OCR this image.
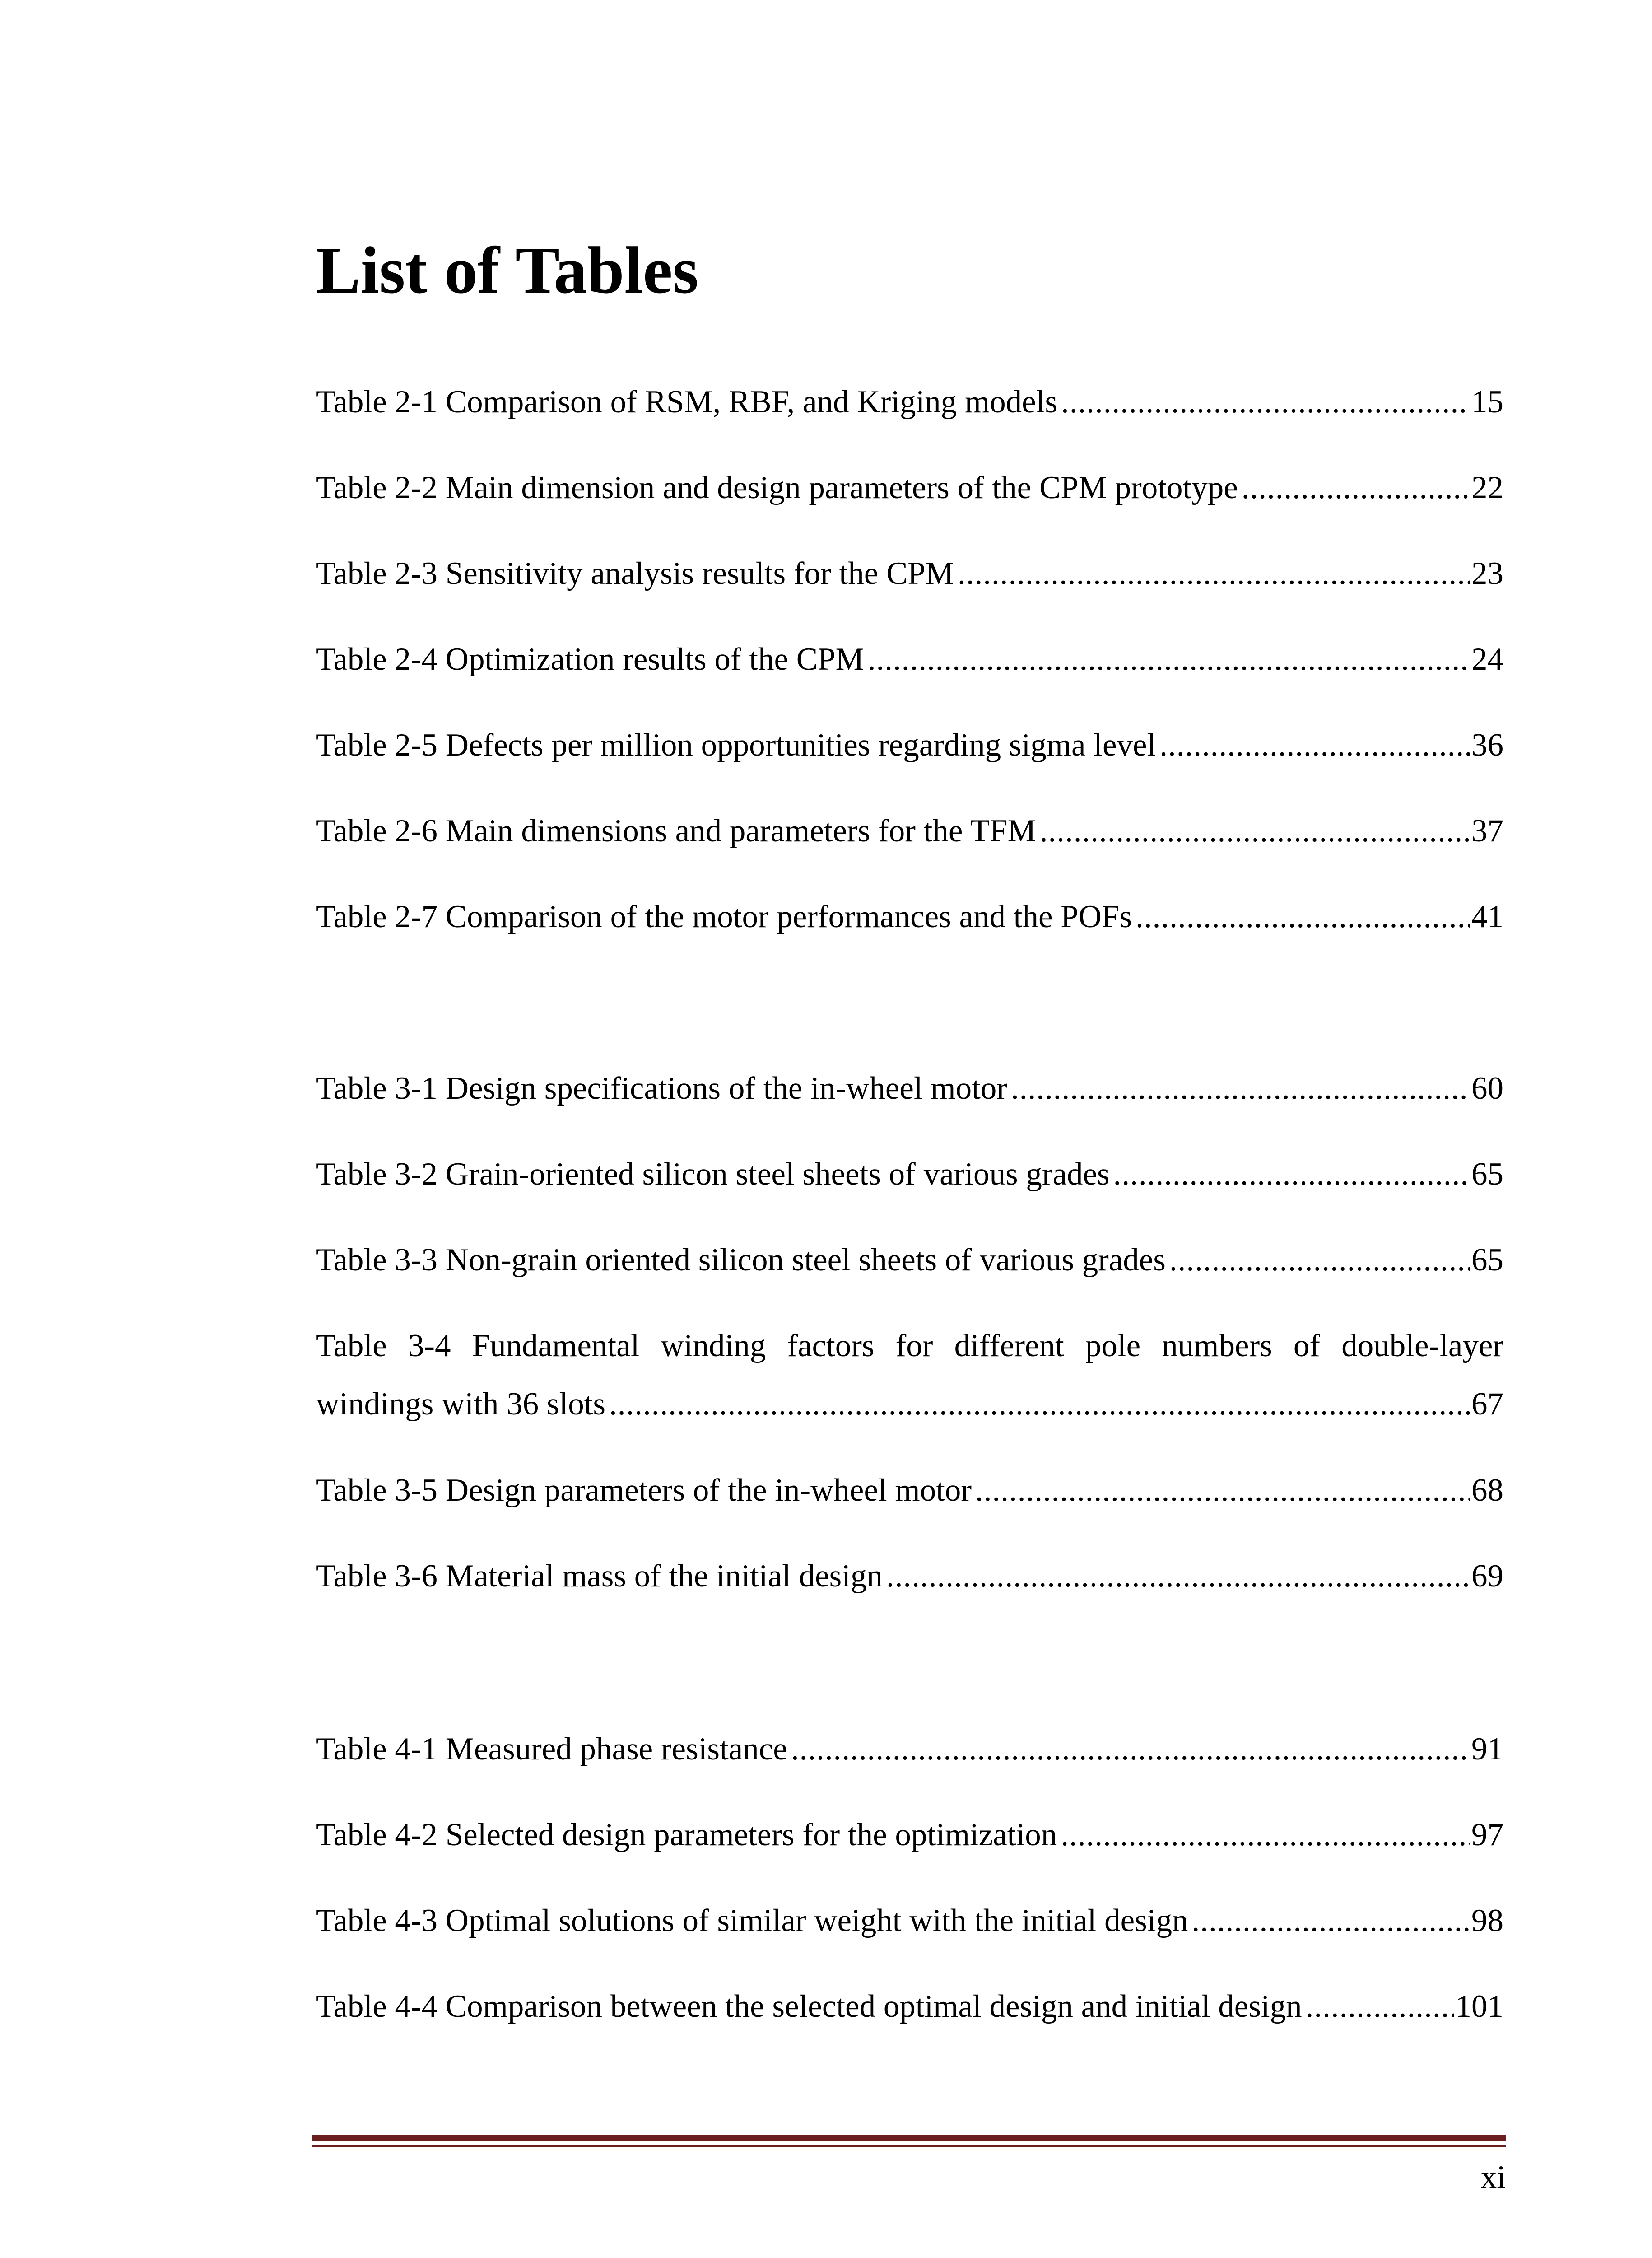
List of Tables
Table 2-1 Comparison of RSM, RBF, and Kriging models .....	15
Table 2-2 Main dimension and design parameters of the CPM prototype .....	22
Table 2-3 Sensitivity analysis results for the CPM .....	23
Table 2-4 Optimization results of the CPM .....	24
Table 2-5 Defects per million opportunities regarding sigma level .....	36
Table 2-6 Main dimensions and parameters for the TFM .....	37
Table 2-7 Comparison of the motor performances and the POFs .....	41
Table 3-1 Design specifications of the in-wheel motor .....	60
Table 3-2 Grain-oriented silicon steel sheets of various grades .....	65
Table 3-3 Non-grain oriented silicon steel sheets of various grades .....	65
Table 3-4 Fundamental winding factors for different pole numbers of double-layer
windings with 36 slots .....	67
Table 3-5 Design parameters of the in-wheel motor .....	68
Table 3-6 Material mass of the initial design .....	69
Table 4-1 Measured phase resistance .....	91
Table 4-2 Selected design parameters for the optimization .....	97
Table 4-3 Optimal solutions of similar weight with the initial design .....	98
Table 4-4 Comparison between the selected optimal design and initial design .....	101
xi
